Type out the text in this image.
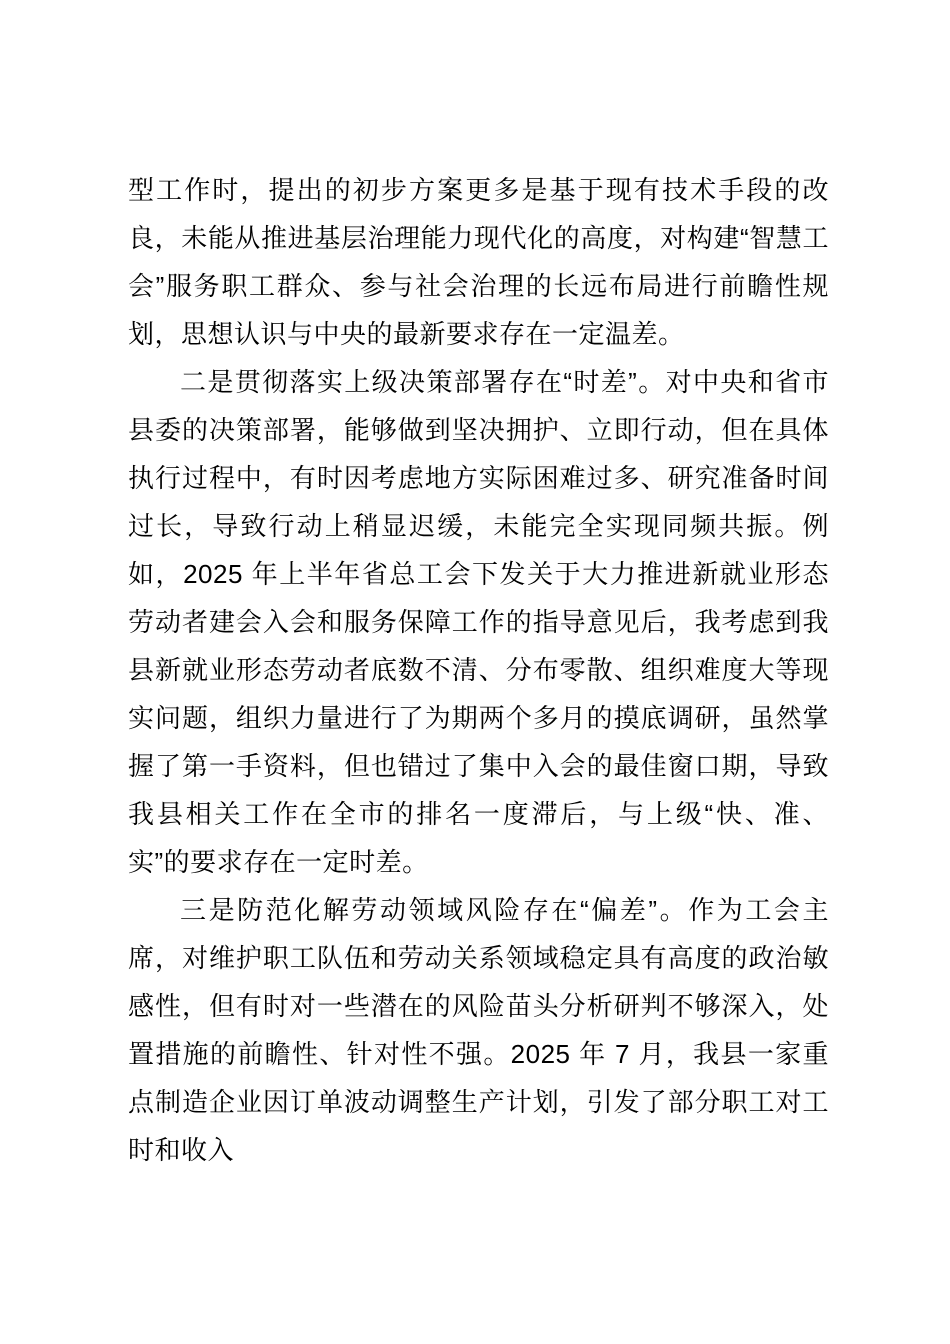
型工作时，提出的初步方案更多是基于现有技术手段的改良，未能从推进基层治理能力现代化的高度，对构建“智慧工会”服务职工群众、参与社会治理的长远布局进行前瞻性规划，思想认识与中央的最新要求存在一定温差。

二是贯彻落实上级决策部署存在“时差”。对中央和省市县委的决策部署，能够做到坚决拥护、立即行动，但在具体执行过程中，有时因考虑地方实际困难过多、研究准备时间过长，导致行动上稍显迟缓，未能完全实现同频共振。例如，2025 年上半年省总工会下发关于大力推进新就业形态劳动者建会入会和服务保障工作的指导意见后，我考虑到我县新就业形态劳动者底数不清、分布零散、组织难度大等现实问题，组织力量进行了为期两个多月的摸底调研，虽然掌握了第一手资料，但也错过了集中入会的最佳窗口期，导致我县相关工作在全市的排名一度滞后，与上级“快、准、实”的要求存在一定时差。

三是防范化解劳动领域风险存在“偏差”。作为工会主席，对维护职工队伍和劳动关系领域稳定具有高度的政治敏感性，但有时对一些潜在的风险苗头分析研判不够深入，处置措施的前瞻性、针对性不强。2025 年 7 月，我县一家重点制造企业因订单波动调整生产计划，引发了部分职工对工时和收入
